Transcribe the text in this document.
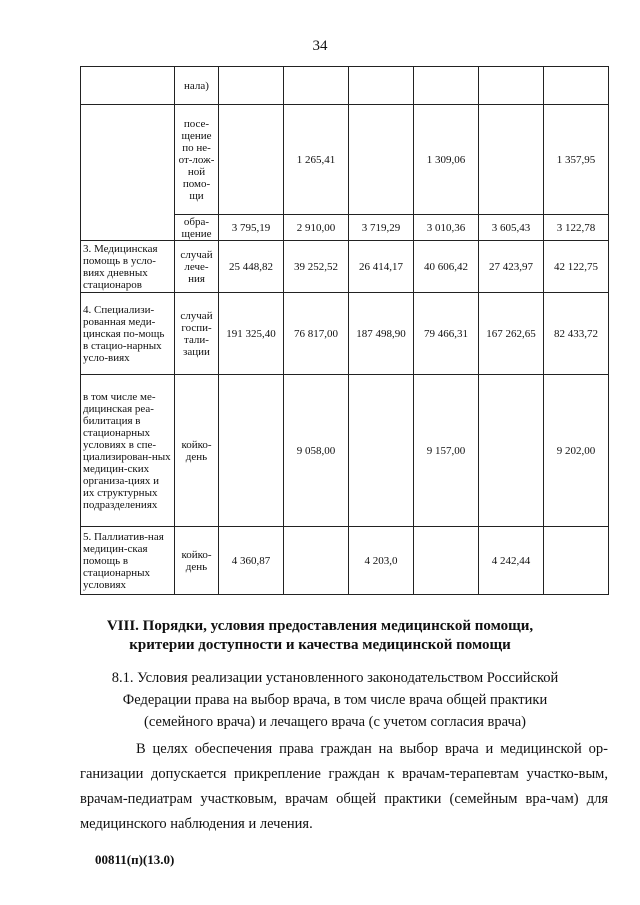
34
	нала)						
	посе-щение по не-от-лож-ной помо-щи		1 265,41		1 309,06		1 357,95
	обра-щение	3 795,19	2 910,00	3 719,29	3 010,36	3 605,43	3 122,78
3. Медицинская помощь в усло-виях дневных стационаров	случай лече-ния	25 448,82	39 252,52	26 414,17	40 606,42	27 423,97	42 122,75
4. Специализи-рованная меди-цинская по-мощь в стацио-нарных усло-виях	случай госпи-тали-зации	191 325,40	76 817,00	187 498,90	79 466,31	167 262,65	82 433,72
в том числе ме-дицинская реа-билитация в стационарных условиях в спе-циализирован-ных медицин-ских организа-циях и их структурных подразделениях	койко-день		9 058,00		9 157,00		9 202,00
5. Паллиатив-ная медицин-ская помощь в стационарных условиях	койко-день	4 360,87		4 203,0		4 242,44	
VIII. Порядки, условия предоставления медицинской помощи,
критерии доступности и качества медицинской помощи

8.1. Условия реализации установленного законодательством Российской
Федерации права на выбор врача, в том числе врача общей практики
(семейного врача) и лечащего врача (с учетом согласия врача)

В целях обеспечения права граждан на выбор врача и медицинской ор-ганизации допускается прикрепление граждан к врачам-терапевтам участко-вым, врачам-педиатрам участковым, врачам общей практики (семейным вра-чам) для медицинского наблюдения и лечения.

00811(п)(13.0)
